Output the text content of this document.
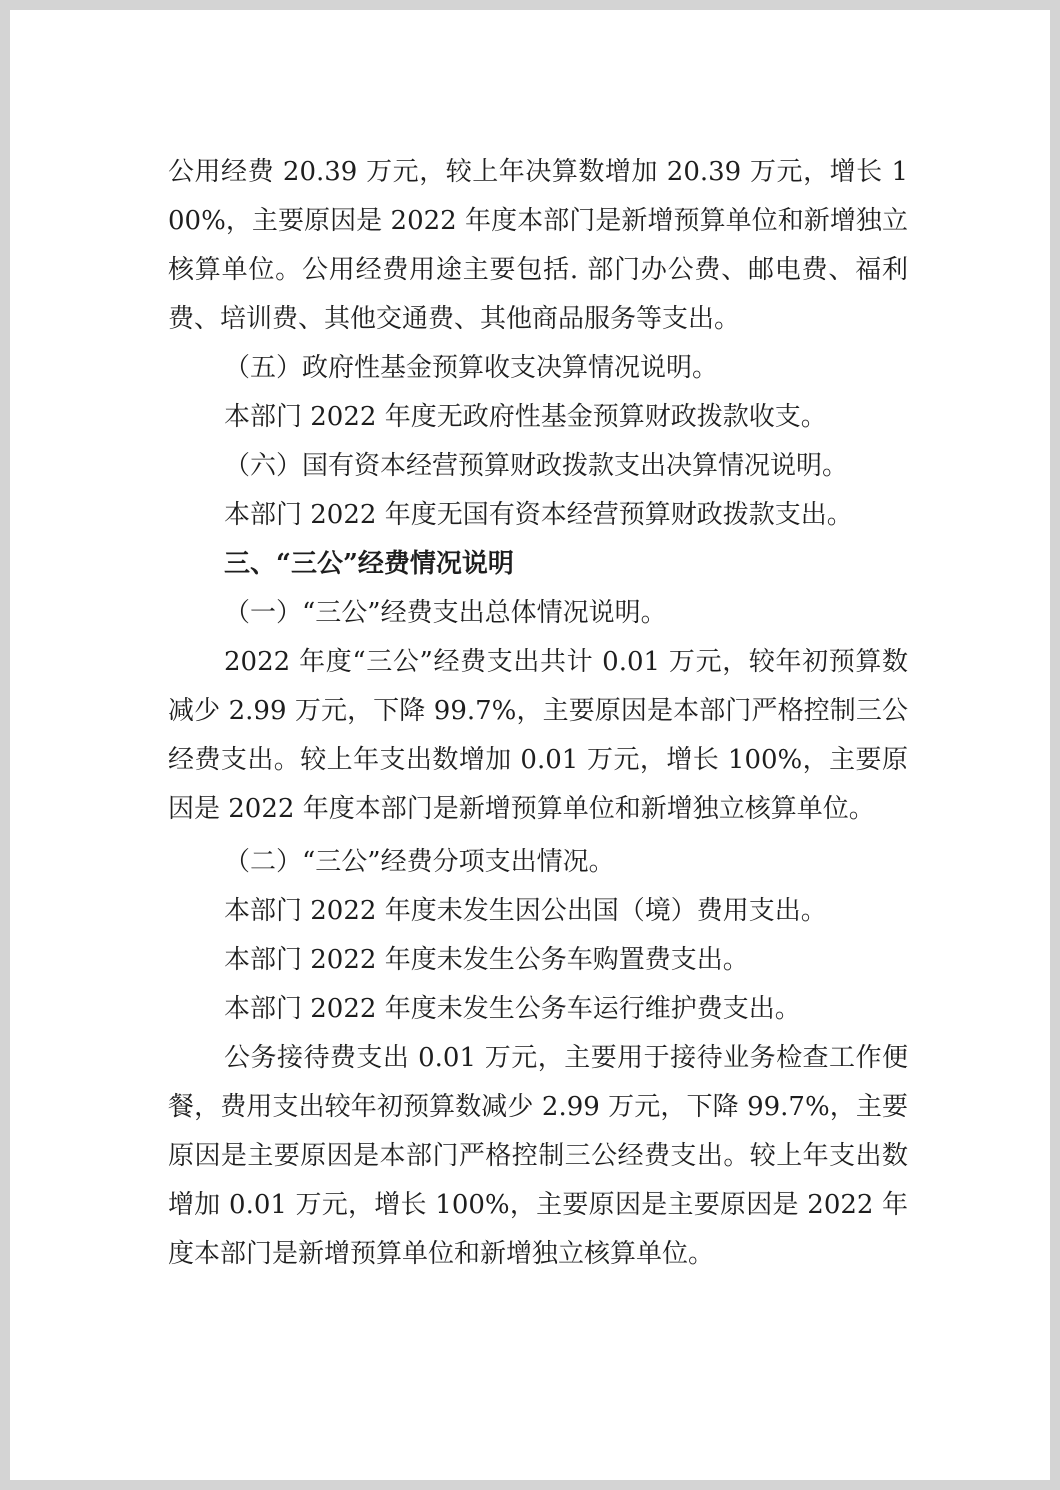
公用经费 20.39 万元，较上年决算数增加 20.39 万元，增长 100%，主要原因是 2022 年度本部门是新增预算单位和新增独立核算单位。公用经费用途主要包括. 部门办公费、邮电费、福利费、培训费、其他交通费、其他商品服务等支出。

（五）政府性基金预算收支决算情况说明。

本部门 2022 年度无政府性基金预算财政拨款收支。

（六）国有资本经营预算财政拨款支出决算情况说明。

本部门 2022 年度无国有资本经营预算财政拨款支出。

三、“三公”经费情况说明

（一）“三公”经费支出总体情况说明。

2022 年度“三公”经费支出共计 0.01 万元，较年初预算数减少 2.99 万元，下降 99.7%，主要原因是本部门严格控制三公经费支出。较上年支出数增加 0.01 万元，增长 100%，主要原因是 2022 年度本部门是新增预算单位和新增独立核算单位。

（二）“三公”经费分项支出情况。

本部门 2022 年度未发生因公出国（境）费用支出。

本部门 2022 年度未发生公务车购置费支出。

本部门 2022 年度未发生公务车运行维护费支出。

公务接待费支出 0.01 万元，主要用于接待业务检查工作便餐，费用支出较年初预算数减少 2.99 万元，下降 99.7%，主要原因是主要原因是本部门严格控制三公经费支出。较上年支出数增加 0.01 万元，增长 100%，主要原因是主要原因是 2022 年度本部门是新增预算单位和新增独立核算单位。
